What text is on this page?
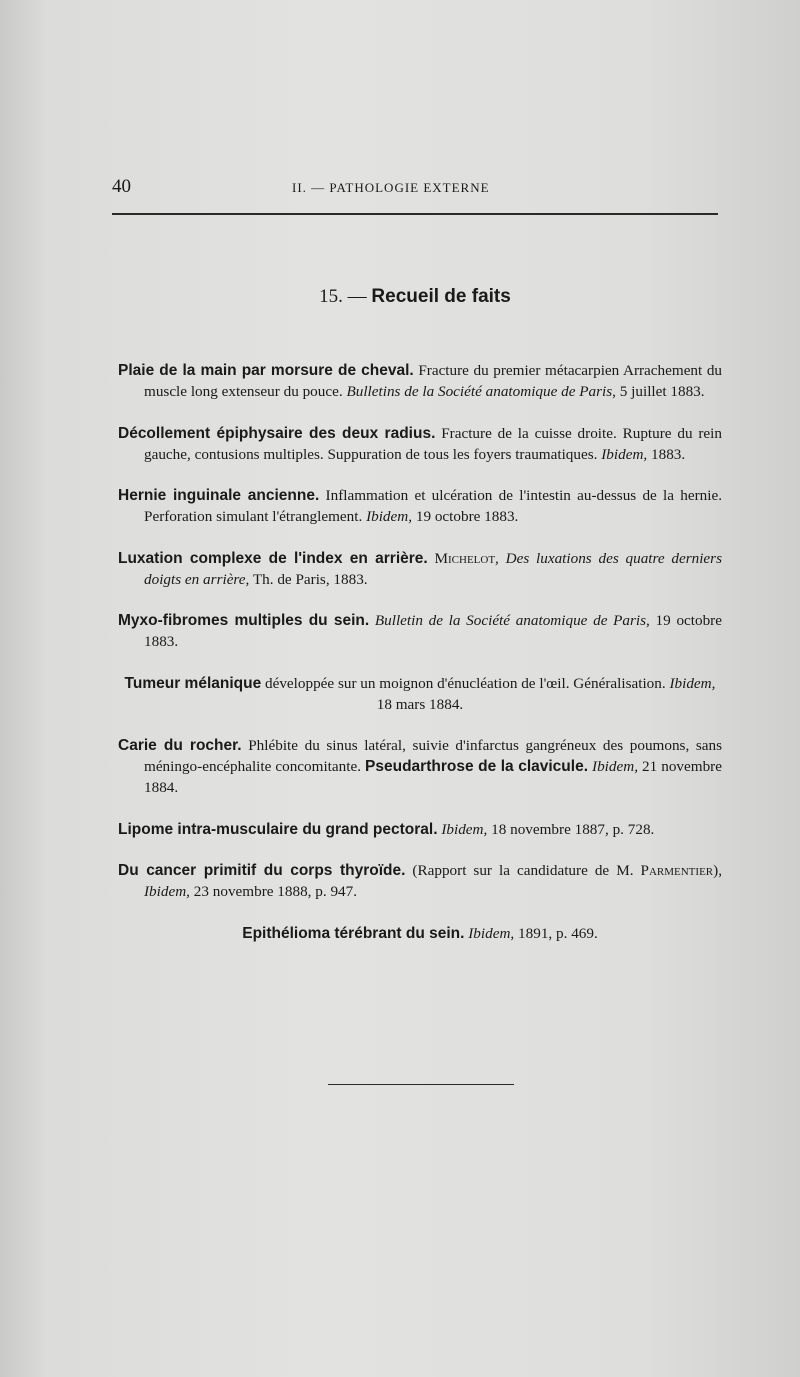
40	II. — PATHOLOGIE EXTERNE
15. — Recueil de faits

Plaie de la main par morsure de cheval. Fracture du premier métacarpien Arrachement du muscle long extenseur du pouce. Bulletins de la Société anatomique de Paris, 5 juillet 1883.

Décollement épiphysaire des deux radius. Fracture de la cuisse droite. Rupture du rein gauche, contusions multiples. Suppuration de tous les foyers traumatiques. Ibidem, 1883.

Hernie inguinale ancienne. Inflammation et ulcération de l'intestin au-dessus de la hernie. Perforation simulant l'étranglement. Ibidem, 19 octobre 1883.

Luxation complexe de l'index en arrière. Michelot, Des luxations des quatre derniers doigts en arrière, Th. de Paris, 1883.

Myxo-fibromes multiples du sein. Bulletin de la Société anatomique de Paris, 19 octobre 1883.

Tumeur mélanique développée sur un moignon d'énucléation de l'œil. Généralisation. Ibidem, 18 mars 1884.

Carie du rocher. Phlébite du sinus latéral, suivie d'infarctus gangréneux des poumons, sans méningo-encéphalite concomitante. Pseudarthrose de la clavicule. Ibidem, 21 novembre 1884.

Lipome intra-musculaire du grand pectoral. Ibidem, 18 novembre 1887, p. 728.

Du cancer primitif du corps thyroïde. (Rapport sur la candidature de M. Parmentier), Ibidem, 23 novembre 1888, p. 947.

Epithélioma térébrant du sein. Ibidem, 1891, p. 469.
